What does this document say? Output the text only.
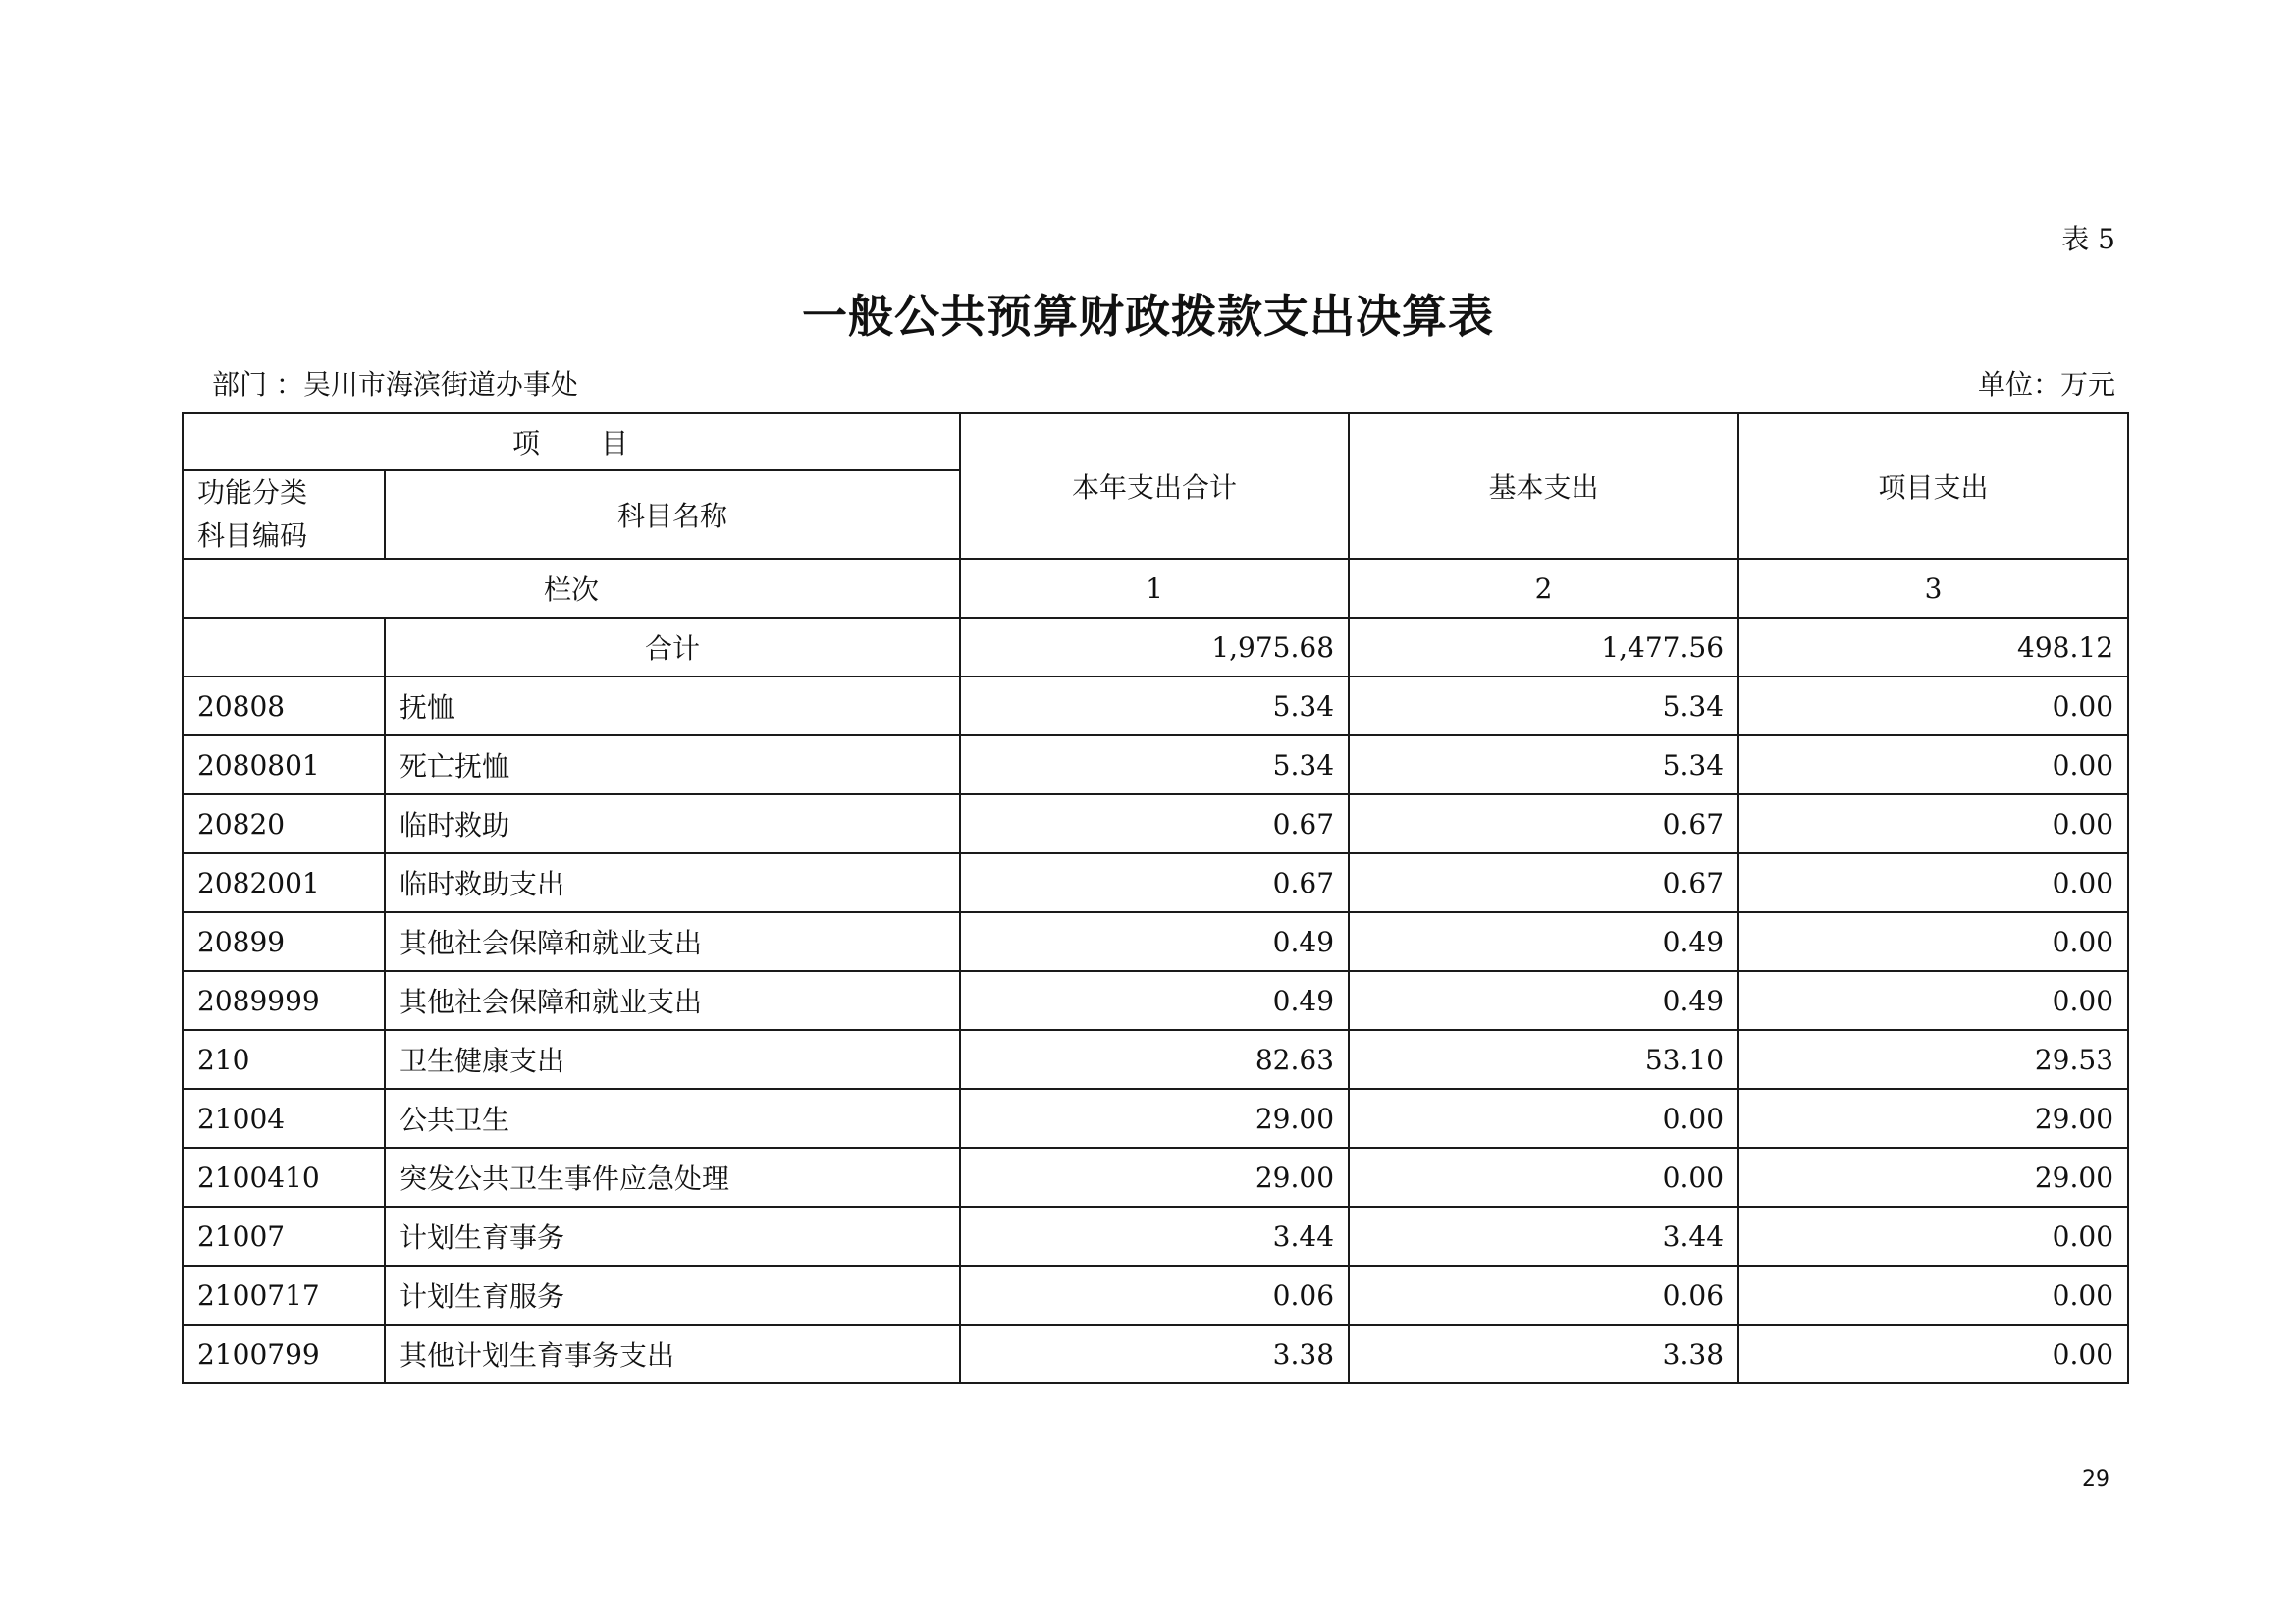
表 5
一般公共预算财政拨款支出决算表
部门 ：吴川市海滨街道办事处	单位：万元
项　　目		本年支出合计	基本支出	项目支出
功能分类
科目编码	科目名称			
栏次		1	2	3
	合计	1,975.68	1,477.56	498.12
20808	抚恤	5.34	5.34	0.00
2080801	死亡抚恤	5.34	5.34	0.00
20820	临时救助	0.67	0.67	0.00
2082001	临时救助支出	0.67	0.67	0.00
20899	其他社会保障和就业支出	0.49	0.49	0.00
2089999	其他社会保障和就业支出	0.49	0.49	0.00
210	卫生健康支出	82.63	53.10	29.53
21004	公共卫生	29.00	0.00	29.00
2100410	突发公共卫生事件应急处理	29.00	0.00	29.00
21007	计划生育事务	3.44	3.44	0.00
2100717	计划生育服务	0.06	0.06	0.00
2100799	其他计划生育事务支出	3.38	3.38	0.00
29
